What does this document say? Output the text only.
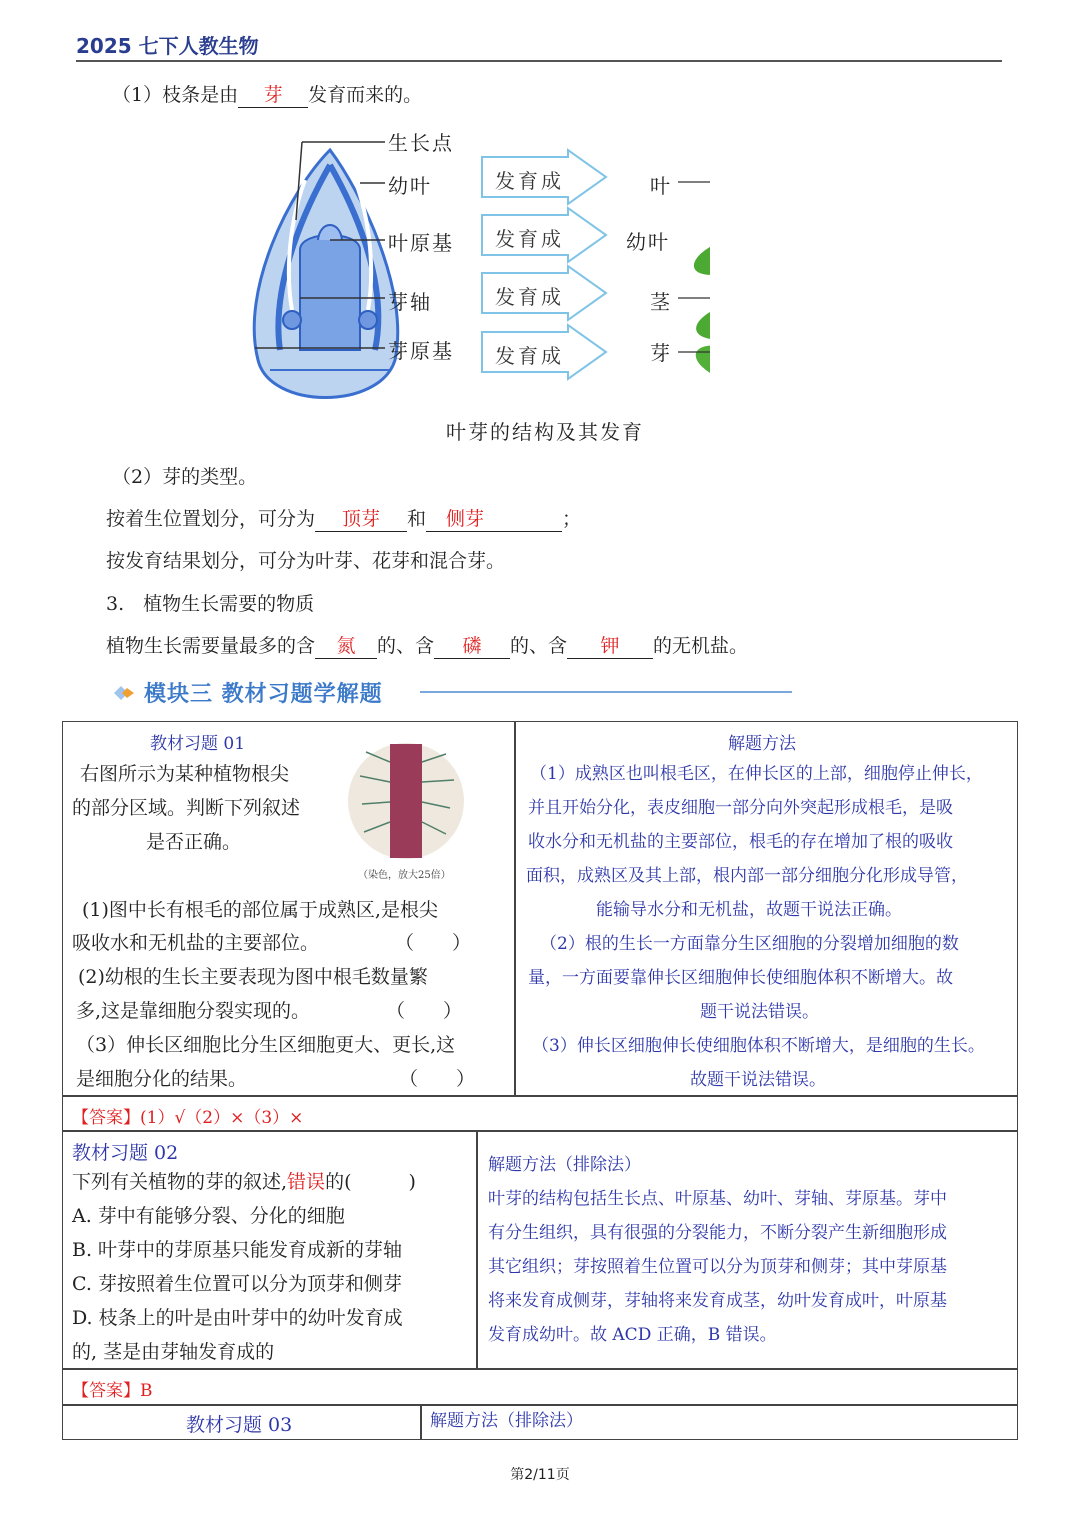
2025 七下人教生物
（1）枝条是由 芽 发育而来的。
生长点
幼叶
叶原基
芽轴
芽原基
发育成
发育成
发育成
发育成
叶
幼叶
茎
芽
叶芽的结构及其发育
（2）芽的类型。
按着生位置划分，可分为 顶芽 和 侧芽	；
按发育结果划分，可分为叶芽、花芽和混合芽。
3.　植物生长需要的物质
植物生长需要量最多的含 氮 的、含 磷 的、含 钾 的无机盐。
模块三 教材习题学解题
教材习题 01
右图所示为某种植物根尖
的部分区域。判断下列叙述
是否正确。
（染色，放大25倍）
(1)图中长有根毛的部位属于成熟区,是根尖
吸收水和无机盐的主要部位。　　　　　（　　）
(2)幼根的生长主要表现为图中根毛数量繁
多,这是靠细胞分裂实现的。　　　　　（　　）
（3）伸长区细胞比分生区细胞更大、更长,这
是细胞分化的结果。　　　　　　　　　（　　）
解题方法
（1）成熟区也叫根毛区，在伸长区的上部，细胞停止伸长，
并且开始分化，表皮细胞一部分向外突起形成根毛，是吸
收水分和无机盐的主要部位，根毛的存在增加了根的吸收
面积，成熟区及其上部，根内部一部分细胞分化形成导管，
能输导水分和无机盐，故题干说法正确。
（2）根的生长一方面靠分生区细胞的分裂增加细胞的数
量，一方面要靠伸长区细胞伸长使细胞体积不断增大。故
题干说法错误。
（3）伸长区细胞伸长使细胞体积不断增大，是细胞的生长。
故题干说法错误。
【答案】(1）√（2）×（3）×
教材习题 02
下列有关植物的芽的叙述,错误的(　　　)
A. 芽中有能够分裂、分化的细胞
B. 叶芽中的芽原基只能发育成新的芽轴
C. 芽按照着生位置可以分为顶芽和侧芽
D. 枝条上的叶是由叶芽中的幼叶发育成
的, 茎是由芽轴发育成的
解题方法（排除法）
叶芽的结构包括生长点、叶原基、幼叶、芽轴、芽原基。芽中
有分生组织，具有很强的分裂能力，不断分裂产生新细胞形成
其它组织；芽按照着生位置可以分为顶芽和侧芽；其中芽原基
将来发育成侧芽，芽轴将来发育成茎，幼叶发育成叶，叶原基
发育成幼叶。故 ACD 正确，B 错误。
【答案】B
教材习题 03	解题方法（排除法）
第2/11页
